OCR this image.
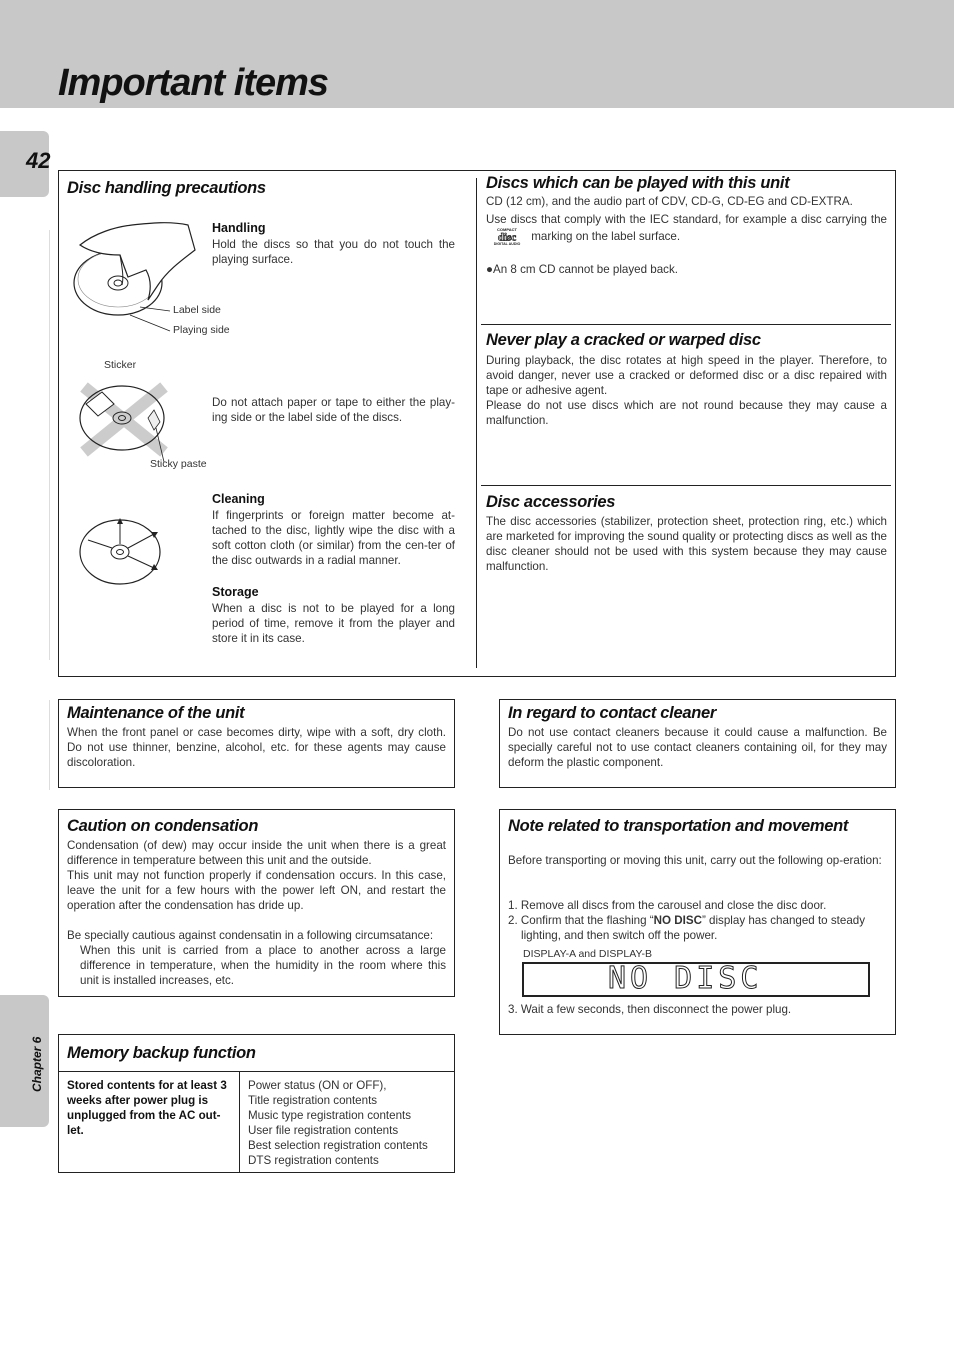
Important items
42
Chapter 6
Disc handling precautions
Label side
Playing side
Handling
Hold the discs so that you do not touch the playing surface.
Sticker
Do not attach paper or tape to either the play-ing side or the label side of the discs.
Sticky paste
Cleaning
If fingerprints or foreign matter become at-tached to the disc, lightly wipe the disc with a soft cotton cloth (or similar) from the cen-ter of the disc outwards in a radial manner.
Storage
When a disc is not to be played for a long period of time, remove it from the player and store it in its case.
Discs which can be played with this unit
CD (12 cm), and the audio part of CDV, CD-G, CD-EG and CD-EXTRA.
Use discs that comply with the IEC standard, for example a disc carrying the
COMPACT
disc
DIGITAL AUDIO
marking on the label surface.
●An 8 cm CD cannot be played back.
Never play a cracked or warped disc
During playback, the disc rotates at high speed in the player. Therefore, to avoid danger, never use a cracked or deformed disc or a disc repaired with tape or adhesive agent.
Please do not use discs which are not round because they may cause a malfunction.
Disc accessories
The disc accessories (stabilizer, protection sheet, protection ring, etc.) which are marketed for improving the sound quality or protecting discs as well as the disc cleaner should not be used with this system because they may cause malfunction.
Maintenance of the unit
When the front panel or case becomes dirty, wipe with a soft, dry cloth. Do not use thinner, benzine, alcohol, etc. for these agents may cause discoloration.
In regard to contact cleaner
Do not use contact cleaners because it could cause a malfunction. Be specially careful not to use contact cleaners containing oil, for they may deform the plastic component.
Caution on condensation
Condensation (of dew) may occur inside the unit when there is a great difference in temperature between this unit and the outside.
This unit may not function properly if condensation occurs. In this case, leave the unit for a few hours with the power left ON, and restart the operation after the condensation has dride up.
Be specially cautious against condensatin in a following circumsatance:
When this unit is carried from a place to another across a large difference in temperature, when the humidity in the room where this unit is installed increases, etc.
Note related to transportation and movement
Before transporting or moving this unit, carry out the following op-eration:
1. Remove all discs from the carousel and close the disc door.
2. Confirm that the flashing “NO DISC” display has changed to steady
lighting, and then switch off the power.
DISPLAY-A and DISPLAY-B
NO DISC
3. Wait a few seconds, then disconnect the power plug.
Memory backup function
Stored contents for at least 3 weeks after power plug is unplugged from the AC out-let.
Power status (ON or OFF),
Title registration contents
Music type registration contents
User file registration contents
Best selection registration contents
DTS registration contents
